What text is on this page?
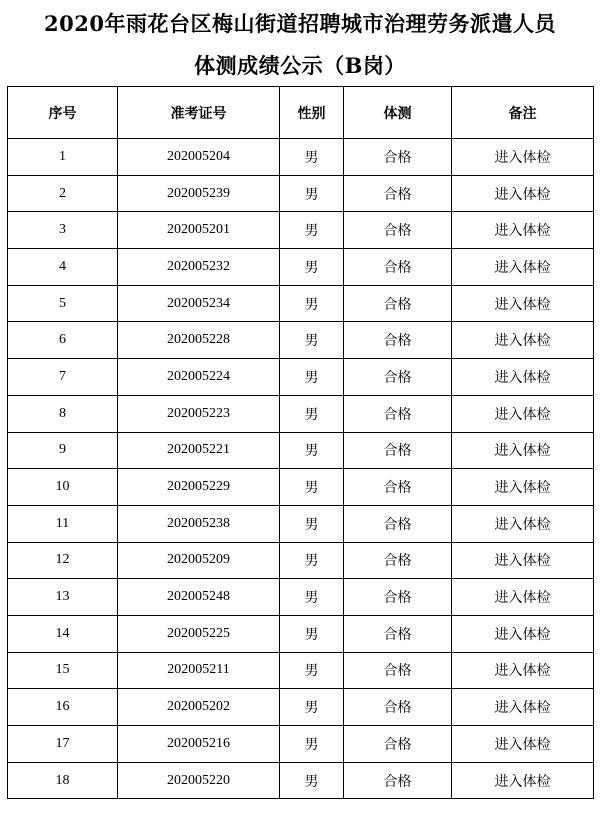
2020年雨花台区梅山街道招聘城市治理劳务派遣人员
体测成绩公示（B岗）
序号	准考证号	性别	体测	备注
1	202005204	男	合格	进入体检
2	202005239	男	合格	进入体检
3	202005201	男	合格	进入体检
4	202005232	男	合格	进入体检
5	202005234	男	合格	进入体检
6	202005228	男	合格	进入体检
7	202005224	男	合格	进入体检
8	202005223	男	合格	进入体检
9	202005221	男	合格	进入体检
10	202005229	男	合格	进入体检
11	202005238	男	合格	进入体检
12	202005209	男	合格	进入体检
13	202005248	男	合格	进入体检
14	202005225	男	合格	进入体检
15	202005211	男	合格	进入体检
16	202005202	男	合格	进入体检
17	202005216	男	合格	进入体检
18	202005220	男	合格	进入体检
